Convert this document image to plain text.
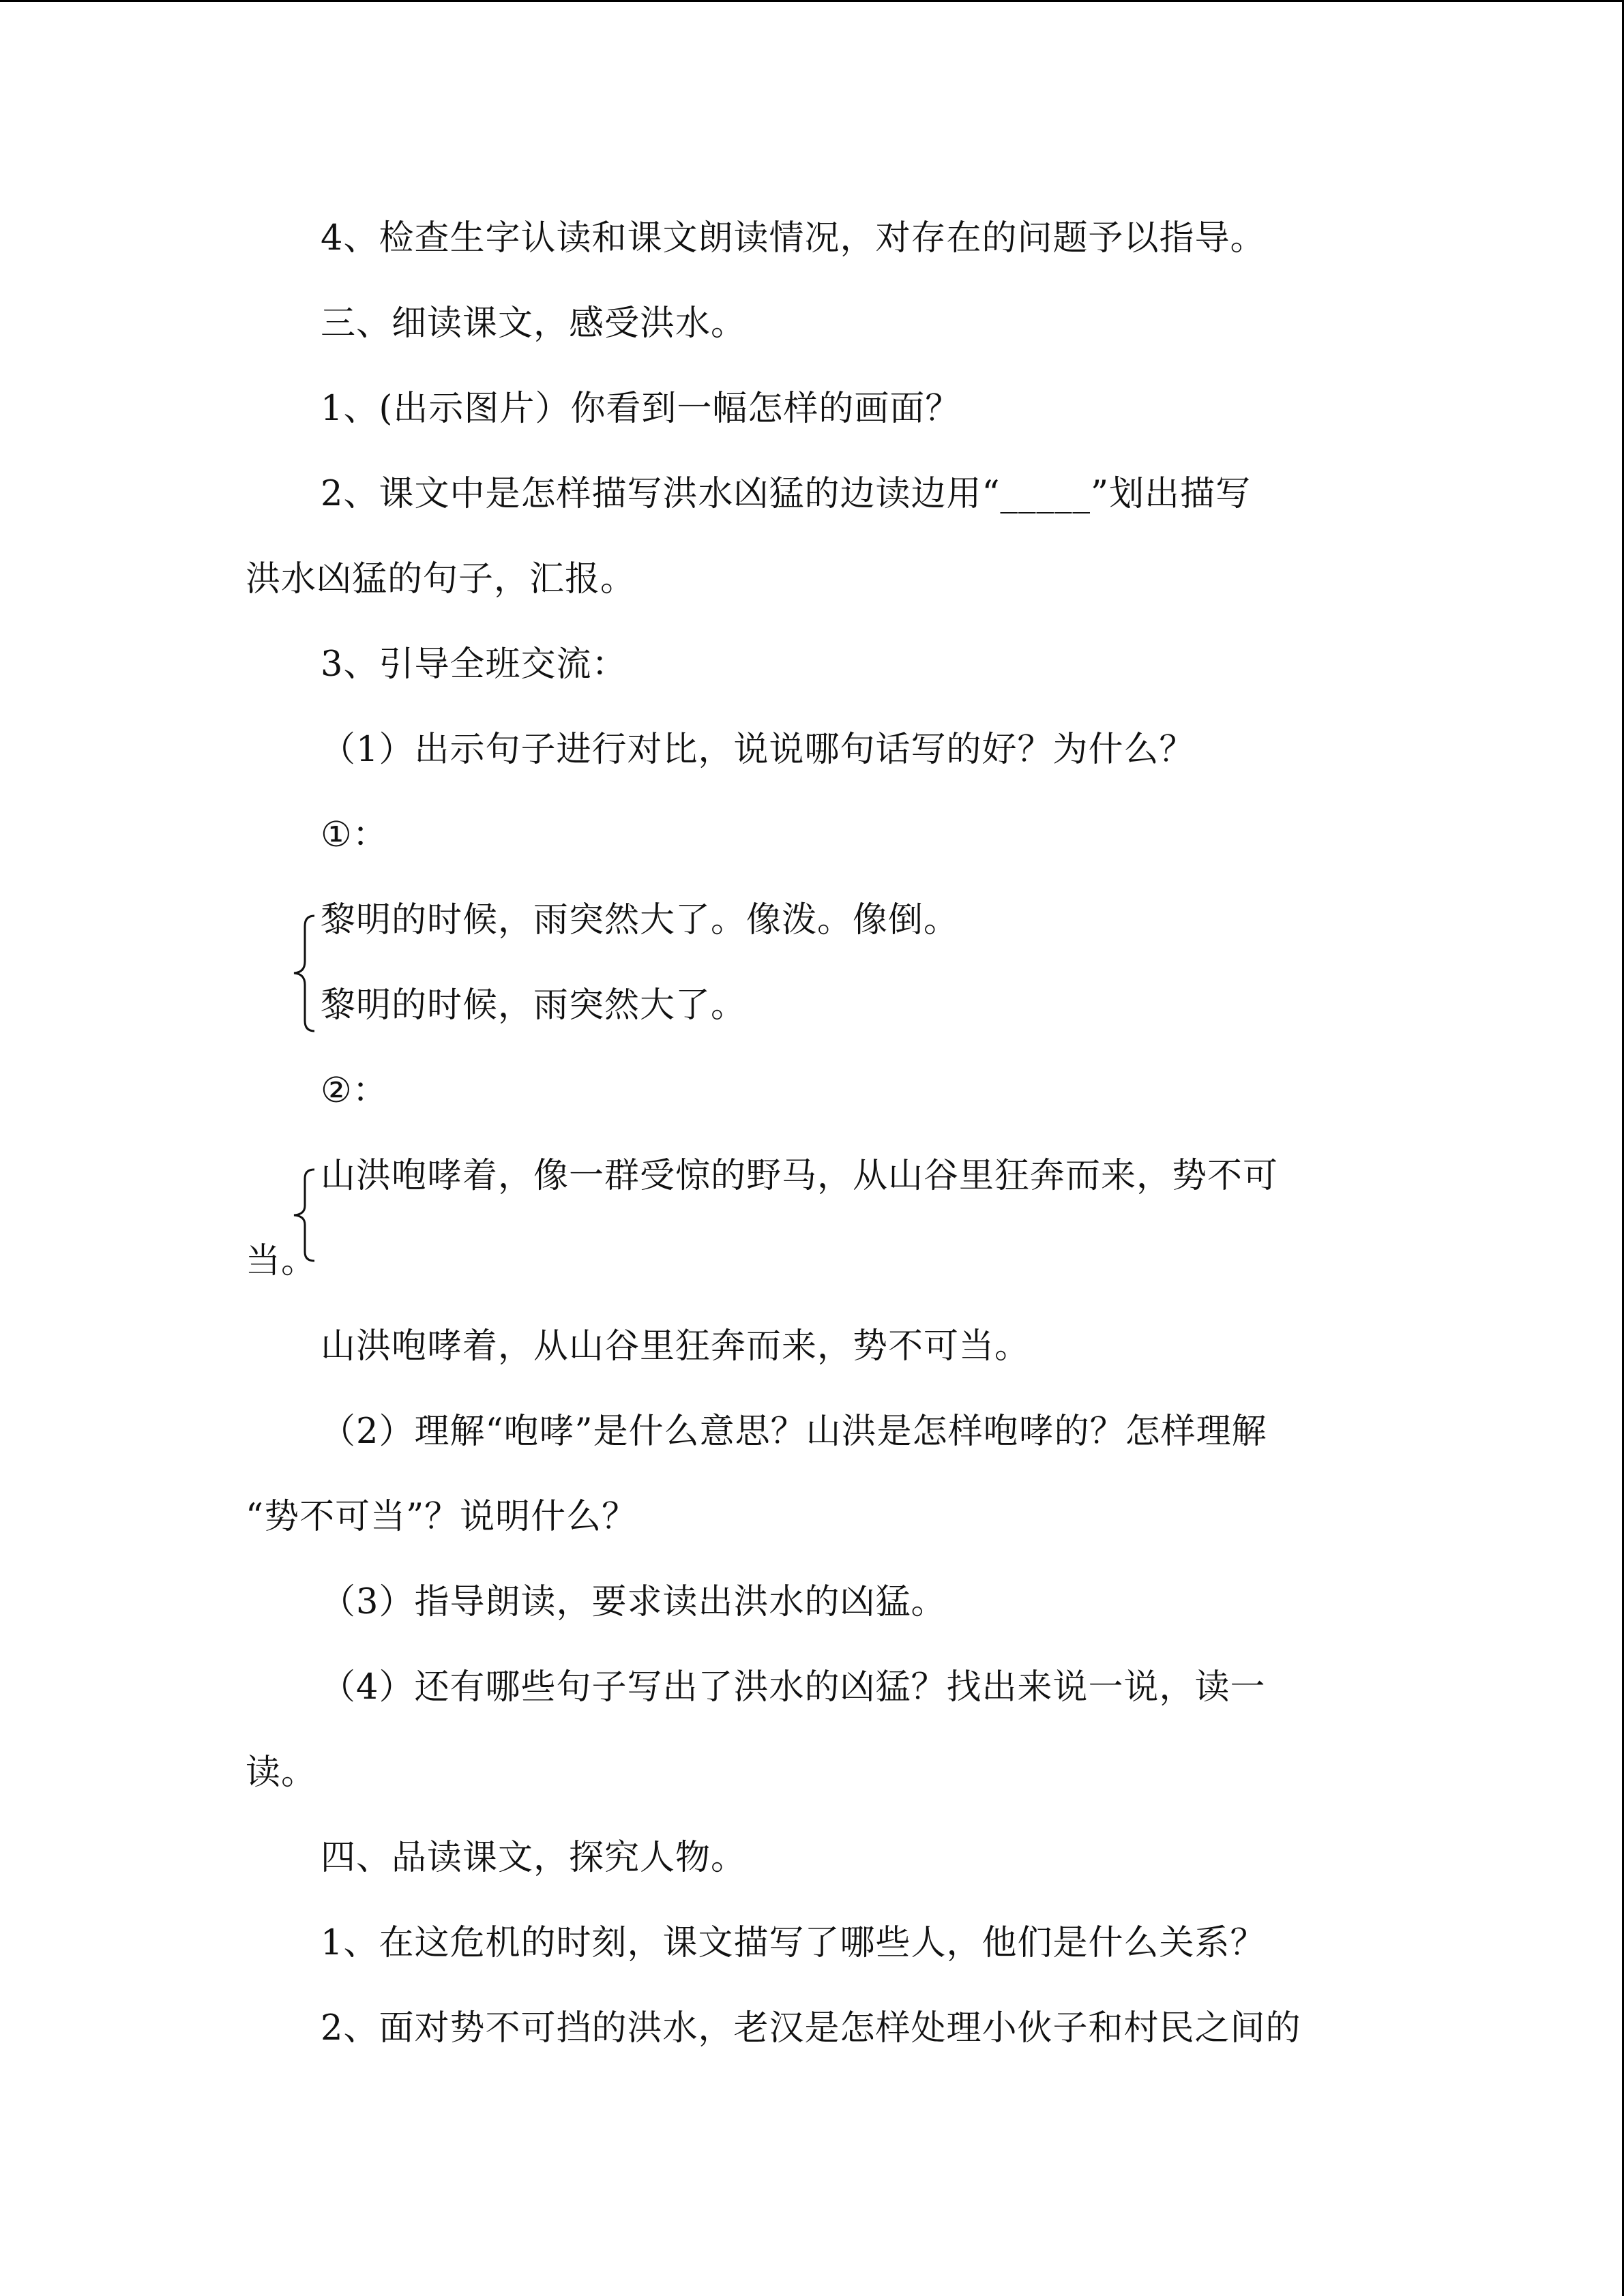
4、检查生字认读和课文朗读情况，对存在的问题予以指导。
三、细读课文，感受洪水。
1、(出示图片）你看到一幅怎样的画面？
2、课文中是怎样描写洪水凶猛的边读边用“_____”划出描写
洪水凶猛的句子，汇报。
3、引导全班交流：
（1）出示句子进行对比，说说哪句话写的好？为什么？
①：
黎明的时候，雨突然大了。像泼。像倒。
黎明的时候，雨突然大了。
②：
山洪咆哮着，像一群受惊的野马，从山谷里狂奔而来，势不可
当。
山洪咆哮着，从山谷里狂奔而来，势不可当。
（2）理解“咆哮”是什么意思？山洪是怎样咆哮的？怎样理解
“势不可当”？说明什么？
（3）指导朗读，要求读出洪水的凶猛。
（4）还有哪些句子写出了洪水的凶猛？找出来说一说，读一
读。
四、品读课文，探究人物。
1、在这危机的时刻，课文描写了哪些人，他们是什么关系？
2、面对势不可挡的洪水，老汉是怎样处理小伙子和村民之间的
